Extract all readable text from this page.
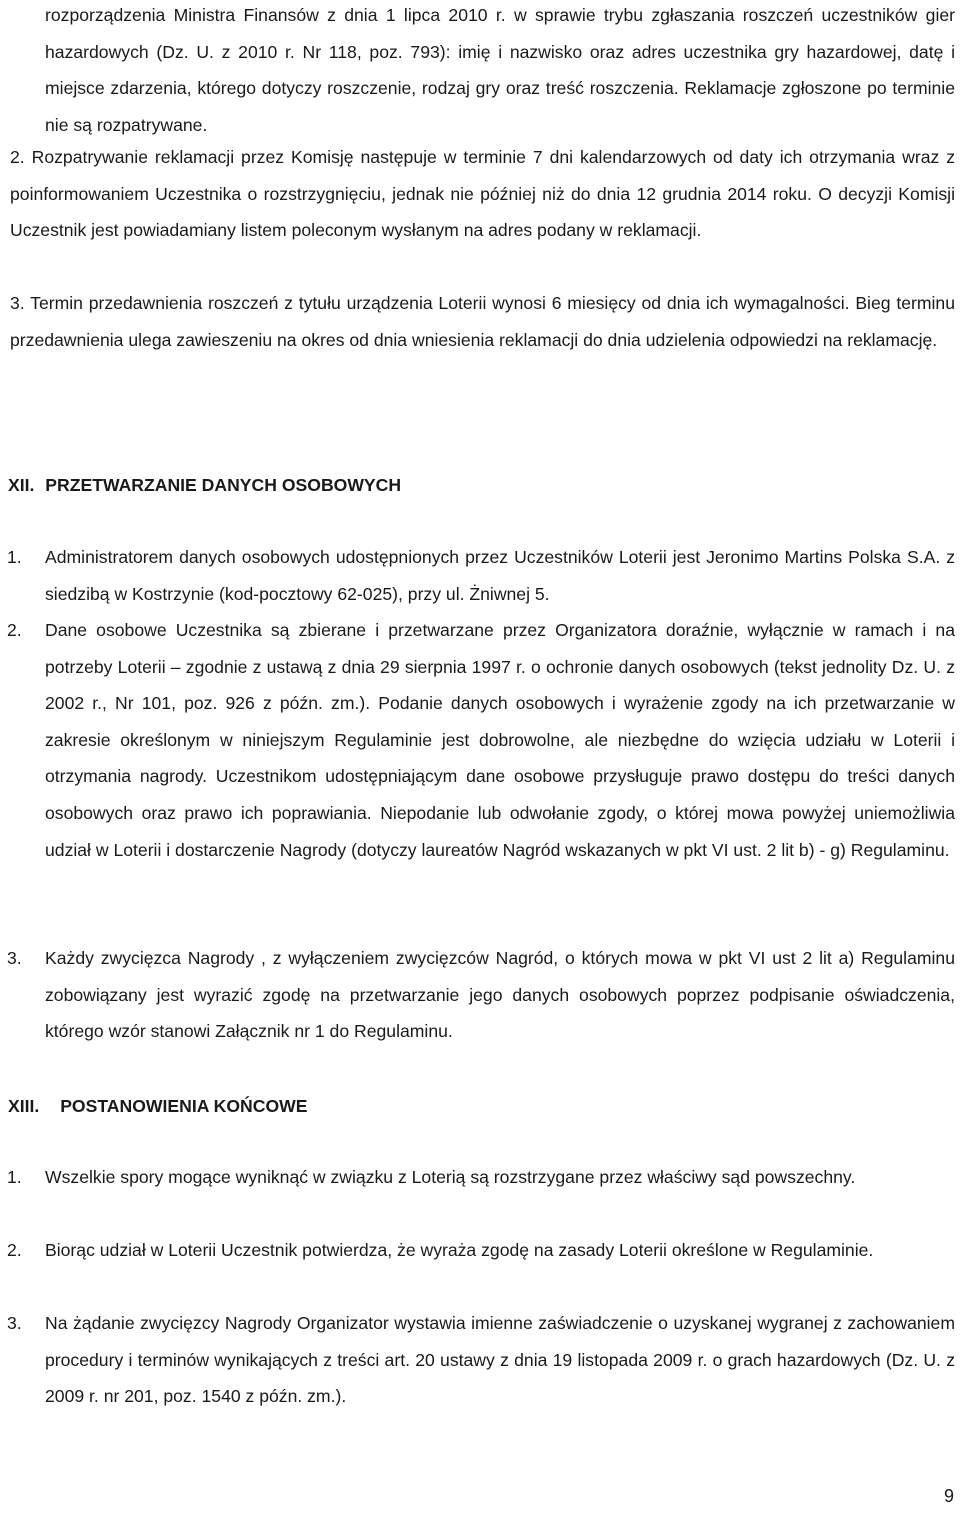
rozporządzenia Ministra Finansów z dnia 1 lipca 2010 r. w sprawie trybu zgłaszania roszczeń uczestników gier hazardowych (Dz. U. z 2010 r. Nr 118, poz. 793): imię i nazwisko oraz adres uczestnika gry hazardowej, datę i miejsce zdarzenia, którego dotyczy roszczenie, rodzaj gry oraz treść roszczenia. Reklamacje zgłoszone po terminie nie są rozpatrywane.
2. Rozpatrywanie reklamacji przez Komisję następuje w terminie 7 dni kalendarzowych od daty ich otrzymania wraz z poinformowaniem Uczestnika o rozstrzygnięciu, jednak nie później niż do dnia 12 grudnia 2014 roku. O decyzji Komisji Uczestnik jest powiadamiany listem poleconym wysłanym na adres podany w reklamacji.
3. Termin przedawnienia roszczeń z tytułu urządzenia Loterii wynosi 6 miesięcy od dnia ich wymagalności. Bieg terminu przedawnienia ulega zawieszeniu na okres od dnia wniesienia reklamacji do dnia udzielenia odpowiedzi na reklamację.
XII. PRZETWARZANIE DANYCH OSOBOWYCH
1. Administratorem danych osobowych udostępnionych przez Uczestników Loterii jest Jeronimo Martins Polska S.A. z siedzibą w Kostrzynie (kod-pocztowy 62-025), przy ul. Żniwnej 5.
2. Dane osobowe Uczestnika są zbierane i przetwarzane przez Organizatora doraźnie, wyłącznie w ramach i na potrzeby Loterii – zgodnie z ustawą z dnia 29 sierpnia 1997 r. o ochronie danych osobowych (tekst jednolity Dz. U. z 2002 r., Nr 101, poz. 926 z późn. zm.). Podanie danych osobowych i wyrażenie zgody na ich przetwarzanie w zakresie określonym w niniejszym Regulaminie jest dobrowolne, ale niezbędne do wzięcia udziału w Loterii i otrzymania nagrody. Uczestnikom udostępniającym dane osobowe przysługuje prawo dostępu do treści danych osobowych oraz prawo ich poprawiania. Niepodanie lub odwołanie zgody, o której mowa powyżej uniemożliwia udział w Loterii i dostarczenie Nagrody (dotyczy laureatów Nagród wskazanych w pkt VI ust. 2 lit b) - g) Regulaminu.
3. Każdy zwycięzca Nagrody , z wyłączeniem zwycięzców Nagród, o których mowa w pkt VI ust 2 lit a) Regulaminu zobowiązany jest wyrazić zgodę na przetwarzanie jego danych osobowych poprzez podpisanie oświadczenia, którego wzór stanowi Załącznik nr 1 do Regulaminu.
XIII. POSTANOWIENIA KOŃCOWE
1. Wszelkie spory mogące wyniknąć w związku z Loterią są rozstrzygane przez właściwy sąd powszechny.
2. Biorąc udział w Loterii Uczestnik potwierdza, że wyraża zgodę na zasady Loterii określone w Regulaminie.
3. Na żądanie zwycięzcy Nagrody Organizator wystawia imienne zaświadczenie o uzyskanej wygranej z zachowaniem procedury i terminów wynikających z treści art. 20 ustawy z dnia 19 listopada 2009 r. o grach hazardowych (Dz. U. z 2009 r. nr 201, poz. 1540 z późn. zm.).
9
